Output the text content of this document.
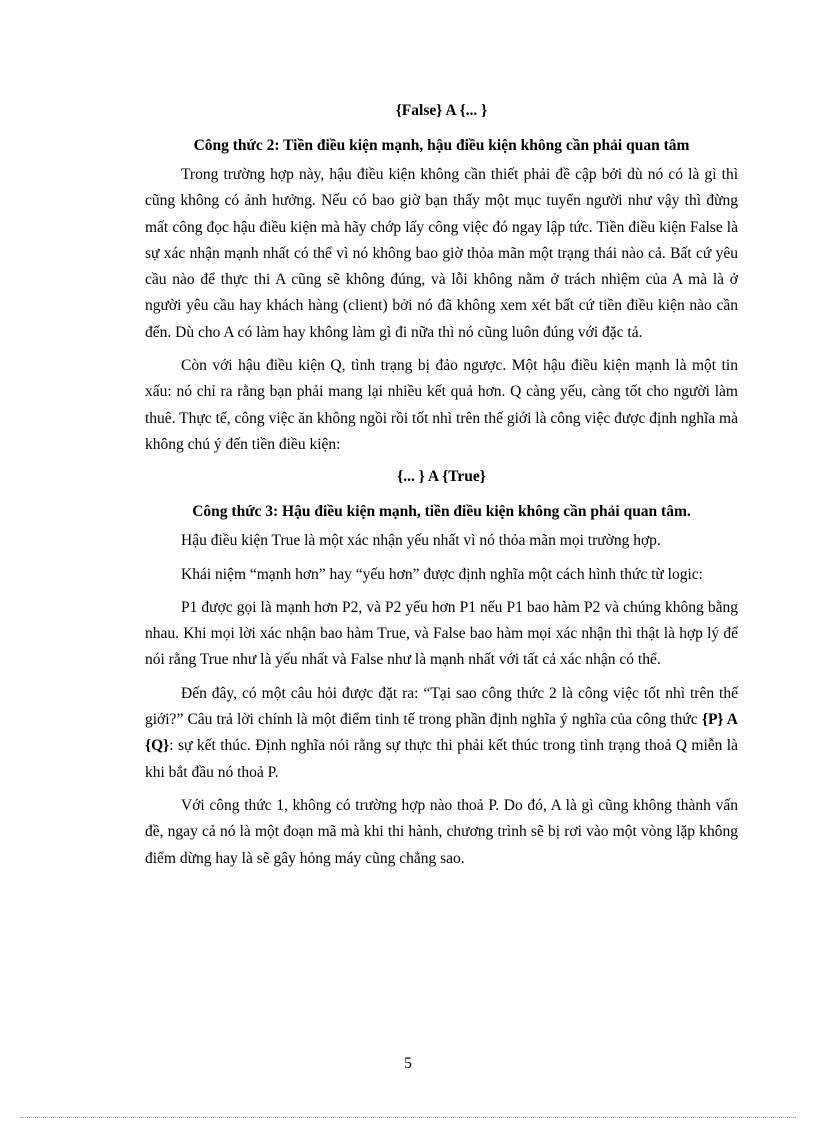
{False} A {... }
Công thức 2: Tiền điều kiện mạnh, hậu điều kiện không cần phải quan tâm

Trong trường hợp này, hậu điều kiện không cần thiết phải đề cập bởi dù nó có là gì thì cũng không có ảnh hưởng. Nếu có bao giờ bạn thấy một mục tuyển người như vậy thì đừng mất công đọc hậu điều kiện mà hãy chớp lấy công việc đó ngay lập tức. Tiền điều kiện False là sự xác nhận mạnh nhất có thể vì nó không bao giờ thỏa mãn một trạng thái nào cả. Bất cứ yêu cầu nào để thực thi A cũng sẽ không đúng, và lỗi không nằm ở trách nhiệm của A mà là ở người yêu cầu hay khách hàng (client) bởi nó đã không xem xét bất cứ tiền điều kiện nào cần đến. Dù cho A có làm hay không làm gì đi nữa thì nó cũng luôn đúng với đặc tả.

Còn với hậu điều kiện Q, tình trạng bị đảo ngược. Một hậu điều kiện mạnh là một tin xấu: nó chỉ ra rằng bạn phải mang lại nhiều kết quả hơn. Q càng yếu, càng tốt cho người làm thuê. Thực tế, công việc ăn không ngồi rồi tốt nhì trên thế giới là công việc được định nghĩa mà không chú ý đến tiền điều kiện:

{... } A {True}
Công thức 3: Hậu điều kiện mạnh, tiền điều kiện không cần phải quan tâm.

Hậu điều kiện True là một xác nhận yếu nhất vì nó thỏa mãn mọi trường hợp.

Khái niệm “mạnh hơn” hay “yếu hơn” được định nghĩa một cách hình thức từ logic:

P1 được gọi là mạnh hơn P2, và P2 yếu hơn P1 nếu P1 bao hàm P2 và chúng không bằng nhau. Khi mọi lời xác nhận bao hàm True, và False bao hàm mọi xác nhận thì thật là hợp lý để nói rằng True như là yếu nhất và False như là mạnh nhất với tất cả xác nhận có thể.

Đến đây, có một câu hỏi được đặt ra: “Tại sao công thức 2 là công việc tốt nhì trên thế giới?” Câu trả lời chính là một điểm tinh tế trong phần định nghĩa ý nghĩa của công thức {P} A {Q}: sự kết thúc. Định nghĩa nói rằng sự thực thi phải kết thúc trong tình trạng thoả Q miễn là khi bắt đầu nó thoả P.

Với công thức 1, không có trường hợp nào thoả P. Do đó, A là gì cũng không thành vấn đề, ngay cả nó là một đoạn mã mà khi thi hành, chương trình sẽ bị rơi vào một vòng lặp không điểm dừng hay là sẽ gây hỏng máy cũng chẳng sao.

5
